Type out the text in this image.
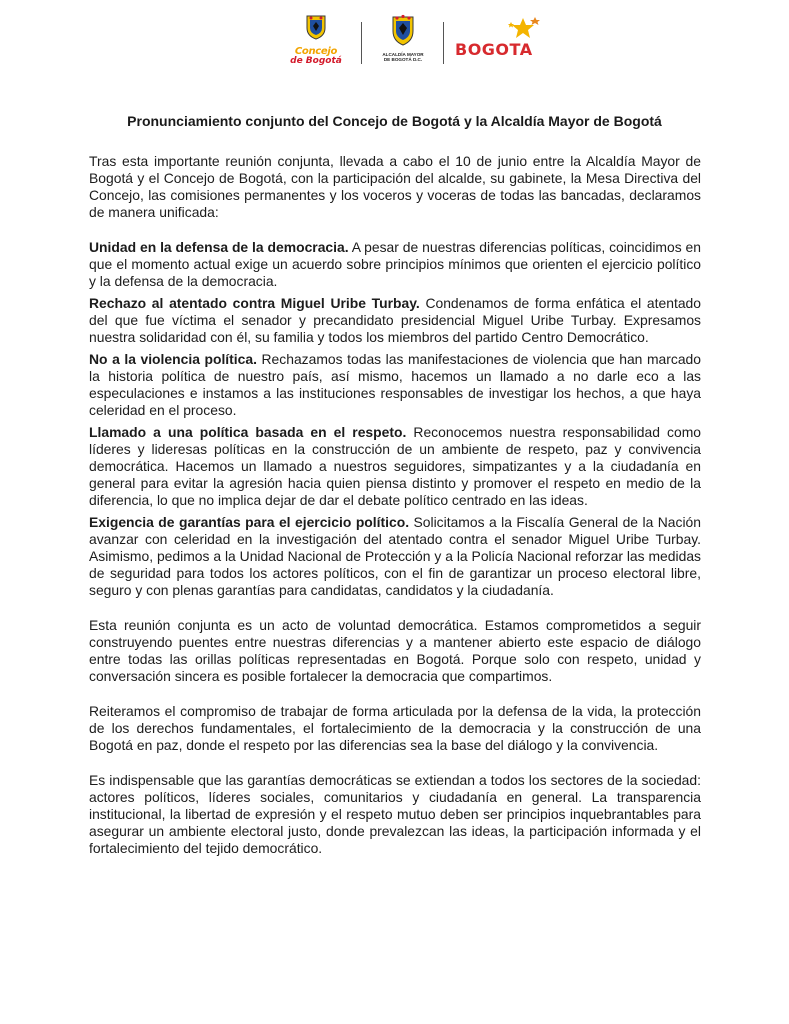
Concejo
de Bogotá
ALCALDÍA MAYOR
DE BOGOTÁ D.C.
BOGOTA
Pronunciamiento conjunto del Concejo de Bogotá y la Alcaldía Mayor de Bogotá

Tras esta importante reunión conjunta, llevada a cabo el 10 de junio entre la Alcaldía Mayor de Bogotá y el Concejo de Bogotá, con la participación del alcalde, su gabinete, la Mesa Directiva del Concejo, las comisiones permanentes y los voceros y voceras de todas las bancadas, declaramos de manera unificada:

Unidad en la defensa de la democracia. A pesar de nuestras diferencias políticas, coincidimos en que el momento actual exige un acuerdo sobre principios mínimos que orienten el ejercicio político y la defensa de la democracia.

Rechazo al atentado contra Miguel Uribe Turbay. Condenamos de forma enfática el atentado del que fue víctima el senador y precandidato presidencial Miguel Uribe Turbay. Expresamos nuestra solidaridad con él, su familia y todos los miembros del partido Centro Democrático.

No a la violencia política. Rechazamos todas las manifestaciones de violencia que han marcado la historia política de nuestro país, así mismo, hacemos un llamado a no darle eco a las especulaciones e instamos a las instituciones responsables de investigar los hechos, a que haya celeridad en el proceso.

Llamado a una política basada en el respeto. Reconocemos nuestra responsabilidad como líderes y lideresas políticas en la construcción de un ambiente de respeto, paz y convivencia democrática. Hacemos un llamado a nuestros seguidores, simpatizantes y a la ciudadanía en general para evitar la agresión hacia quien piensa distinto y promover el respeto en medio de la diferencia, lo que no implica dejar de dar el debate político centrado en las ideas.

Exigencia de garantías para el ejercicio político. Solicitamos a la Fiscalía General de la Nación avanzar con celeridad en la investigación del atentado contra el senador Miguel Uribe Turbay. Asimismo, pedimos a la Unidad Nacional de Protección y a la Policía Nacional reforzar las medidas de seguridad para todos los actores políticos, con el fin de garantizar un proceso electoral libre, seguro y con plenas garantías para candidatas, candidatos y la ciudadanía.

Esta reunión conjunta es un acto de voluntad democrática. Estamos comprometidos a seguir construyendo puentes entre nuestras diferencias y a mantener abierto este espacio de diálogo entre todas las orillas políticas representadas en Bogotá. Porque solo con respeto, unidad y conversación sincera es posible fortalecer la democracia que compartimos.

Reiteramos el compromiso de trabajar de forma articulada por la defensa de la vida, la protección de los derechos fundamentales, el fortalecimiento de la democracia y la construcción de una Bogotá en paz, donde el respeto por las diferencias sea la base del diálogo y la convivencia.

Es indispensable que las garantías democráticas se extiendan a todos los sectores de la sociedad: actores políticos, líderes sociales, comunitarios y ciudadanía en general. La transparencia institucional, la libertad de expresión y el respeto mutuo deben ser principios inquebrantables para asegurar un ambiente electoral justo, donde prevalezcan las ideas, la participación informada y el fortalecimiento del tejido democrático.
